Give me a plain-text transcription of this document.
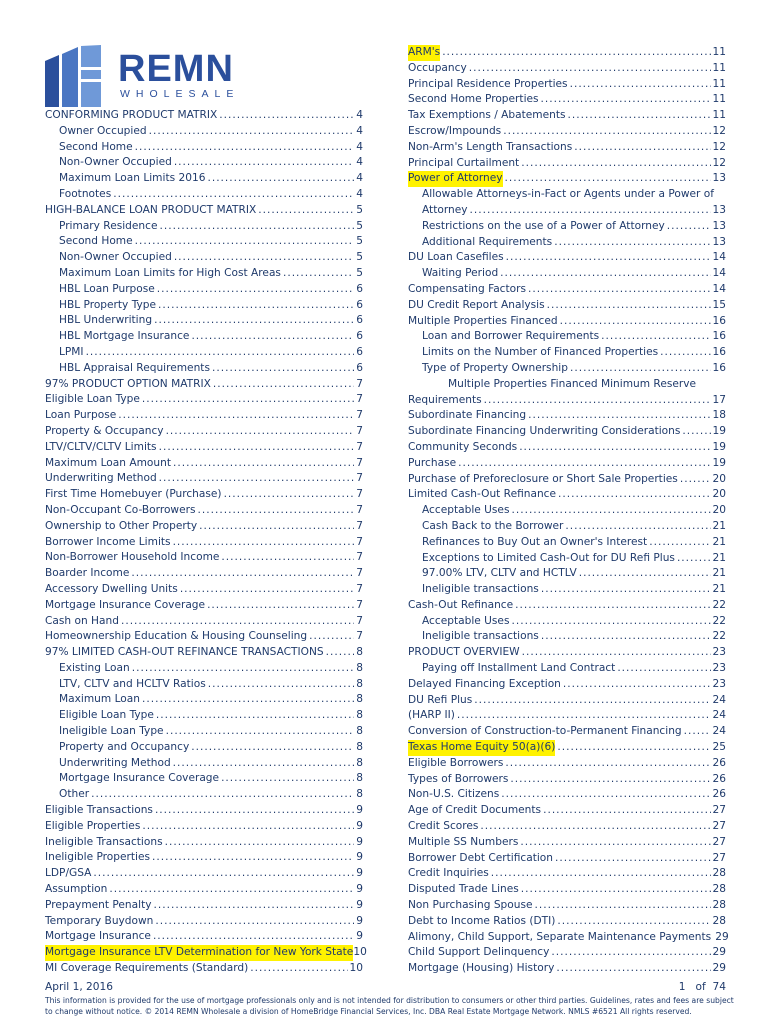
REMN
WHOLESALE
CONFORMING PRODUCT MATRIX .....	4
Owner Occupied .....	4
Second Home .....	4
Non-Owner Occupied .....	4
Maximum Loan Limits 2016 .....	4
Footnotes .....	4
HIGH-BALANCE LOAN PRODUCT MATRIX .....	5
Primary Residence .....	5
Second Home .....	5
Non-Owner Occupied .....	5
Maximum Loan Limits for High Cost Areas .....	5
HBL Loan Purpose .....	6
HBL Property Type .....	6
HBL Underwriting .....	6
HBL Mortgage Insurance .....	6
LPMI .....	6
HBL Appraisal Requirements .....	6
97% PRODUCT OPTION MATRIX .....	7
Eligible Loan Type .....	7
Loan Purpose .....	7
Property & Occupancy .....	7
LTV/CLTV/CLTV Limits .....	7
Maximum Loan Amount .....	7
Underwriting Method .....	7
First Time Homebuyer (Purchase) .....	7
Non-Occupant Co-Borrowers .....	7
Ownership to Other Property .....	7
Borrower Income Limits .....	7
Non-Borrower Household Income .....	7
Boarder Income .....	7
Accessory Dwelling Units .....	7
Mortgage Insurance Coverage .....	7
Cash on Hand .....	7
Homeownership Education & Housing Counseling .....	7
97% LIMITED CASH-OUT REFINANCE TRANSACTIONS .....	8
Existing Loan .....	8
LTV, CLTV and HCLTV Ratios .....	8
Maximum Loan .....	8
Eligible Loan Type .....	8
Ineligible Loan Type .....	8
Property and Occupancy .....	8
Underwriting Method .....	8
Mortgage Insurance Coverage .....	8
Other .....	8
Eligible Transactions .....	9
Eligible Properties .....	9
Ineligible Transactions .....	9
Ineligible Properties .....	9
LDP/GSA .....	9
Assumption .....	9
Prepayment Penalty .....	9
Temporary Buydown .....	9
Mortgage Insurance .....	9
Mortgage Insurance LTV Determination for New York State 10
MI Coverage Requirements (Standard) .....	10
ARM's .....	11
Occupancy .....	11
Principal Residence Properties .....	11
Second Home Properties .....	11
Tax Exemptions / Abatements .....	11
Escrow/Impounds .....	12
Non-Arm's Length Transactions .....	12
Principal Curtailment .....	12
Power of Attorney .....	13
Allowable Attorneys-in-Fact or Agents under a Power of
Attorney .....	13
Restrictions on the use of a Power of Attorney .....	13
Additional Requirements .....	13
DU Loan Casefiles .....	14
Waiting Period .....	14
Compensating Factors .....	14
DU Credit Report Analysis .....	15
Multiple Properties Financed .....	16
Loan and Borrower Requirements .....	16
Limits on the Number of Financed Properties .....	16
Type of Property Ownership .....	16
Multiple Properties Financed Minimum Reserve
Requirements .....	17
Subordinate Financing .....	18
Subordinate Financing Underwriting Considerations .....	19
Community Seconds .....	19
Purchase .....	19
Purchase of Preforeclosure or Short Sale Properties .....	20
Limited Cash-Out Refinance .....	20
Acceptable Uses .....	20
Cash Back to the Borrower .....	21
Refinances to Buy Out an Owner's Interest .....	21
Exceptions to Limited Cash-Out for DU Refi Plus .....	21
97.00% LTV, CLTV and HCTLV .....	21
Ineligible transactions .....	21
Cash-Out Refinance .....	22
Acceptable Uses .....	22
Ineligible transactions .....	22
PRODUCT OVERVIEW .....	23
Paying off Installment Land Contract .....	23
Delayed Financing Exception .....	23
DU Refi Plus .....	24
(HARP II) .....	24
Conversion of Construction-to-Permanent Financing .....	24
Texas Home Equity 50(a)(6) .....	25
Eligible Borrowers .....	26
Types of Borrowers .....	26
Non-U.S. Citizens .....	26
Age of Credit Documents .....	27
Credit Scores .....	27
Multiple SS Numbers .....	27
Borrower Debt Certification .....	27
Credit Inquiries .....	28
Disputed Trade Lines .....	28
Non Purchasing Spouse .....	28
Debt to Income Ratios (DTI) .....	28
Alimony, Child Support, Separate Maintenance Payments 29
Child Support Delinquency .....	29
Mortgage (Housing) History .....	29
April 1, 2016	1 of 74
This information is provided for the use of mortgage professionals only and is not intended for distribution to consumers or other third parties. Guidelines, rates and fees are subject to change without notice. © 2014 REMN Wholesale a division of HomeBridge Financial Services, Inc. DBA Real Estate Mortgage Network. NMLS #6521 All rights reserved.
